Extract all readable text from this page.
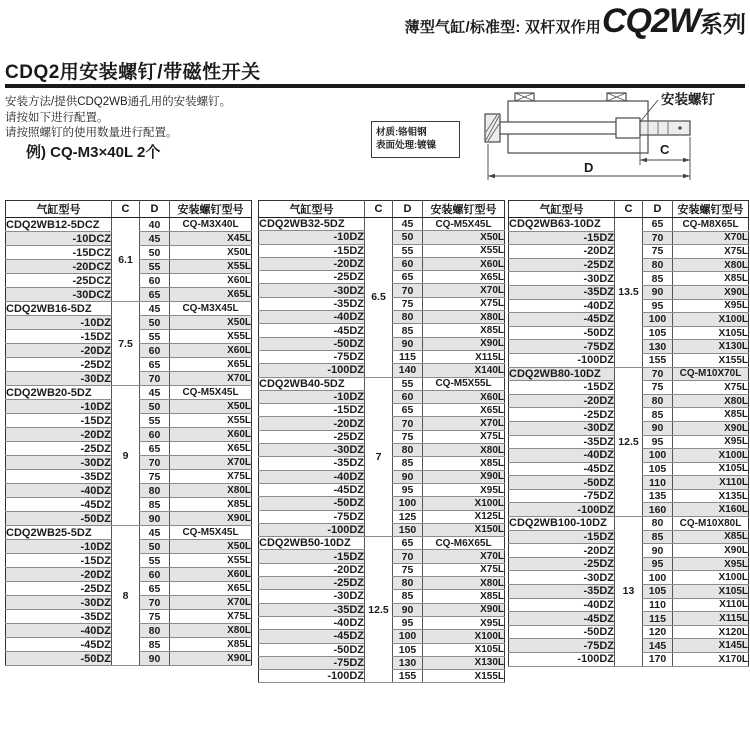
薄型气缸/标准型: 双杆双作用 CQ2W 系列
CDQ2用安装螺钉/带磁性开关
安装方法/提供CDQ2WB通孔用的安装螺钉。
请按如下进行配置。
请按照螺钉的使用数量进行配置。
例) CQ-M3×40L 2个
材质:铬钼钢
表面处理:镀镍
安装螺钉
C
D
气缸型号	C	D	安装螺钉型号
CDQ2WB12-5DCZ	6.1	40	CQ-M3X40L
-10DCZ		45	X45L
-15DCZ		50	X50L
-20DCZ		55	X55L
-25DCZ		60	X60L
-30DCZ		65	X65L
CDQ2WB16-5DZ	7.5	45	CQ-M3X45L
-10DZ		50	X50L
-15DZ		55	X55L
-20DZ		60	X60L
-25DZ		65	X65L
-30DZ		70	X70L
CDQ2WB20-5DZ	9	45	CQ-M5X45L
-10DZ		50	X50L
-15DZ		55	X55L
-20DZ		60	X60L
-25DZ		65	X65L
-30DZ		70	X70L
-35DZ		75	X75L
-40DZ		80	X80L
-45DZ		85	X85L
-50DZ		90	X90L
CDQ2WB25-5DZ	8	45	CQ-M5X45L
-10DZ		50	X50L
-15DZ		55	X55L
-20DZ		60	X60L
-25DZ		65	X65L
-30DZ		70	X70L
-35DZ		75	X75L
-40DZ		80	X80L
-45DZ		85	X85L
-50DZ		90	X90L
气缸型号	C	D	安装螺钉型号
CDQ2WB32-5DZ	6.5	45	CQ-M5X45L
-10DZ		50	X50L
-15DZ		55	X55L
-20DZ		60	X60L
-25DZ		65	X65L
-30DZ		70	X70L
-35DZ		75	X75L
-40DZ		80	X80L
-45DZ		85	X85L
-50DZ		90	X90L
-75DZ		115	X115L
-100DZ		140	X140L
CDQ2WB40-5DZ	7	55	CQ-M5X55L
-10DZ		60	X60L
-15DZ		65	X65L
-20DZ		70	X70L
-25DZ		75	X75L
-30DZ		80	X80L
-35DZ		85	X85L
-40DZ		90	X90L
-45DZ		95	X95L
-50DZ		100	X100L
-75DZ		125	X125L
-100DZ		150	X150L
CDQ2WB50-10DZ	12.5	65	CQ-M6X65L
-15DZ		70	X70L
-20DZ		75	X75L
-25DZ		80	X80L
-30DZ		85	X85L
-35DZ		90	X90L
-40DZ		95	X95L
-45DZ		100	X100L
-50DZ		105	X105L
-75DZ		130	X130L
-100DZ		155	X155L
气缸型号	C	D	安装螺钉型号
CDQ2WB63-10DZ	13.5	65	CQ-M8X65L
-15DZ		70	X70L
-20DZ		75	X75L
-25DZ		80	X80L
-30DZ		85	X85L
-35DZ		90	X90L
-40DZ		95	X95L
-45DZ		100	X100L
-50DZ		105	X105L
-75DZ		130	X130L
-100DZ		155	X155L
CDQ2WB80-10DZ	12.5	70	CQ-M10X70L
-15DZ		75	X75L
-20DZ		80	X80L
-25DZ		85	X85L
-30DZ		90	X90L
-35DZ		95	X95L
-40DZ		100	X100L
-45DZ		105	X105L
-50DZ		110	X110L
-75DZ		135	X135L
-100DZ		160	X160L
CDQ2WB100-10DZ	13	80	CQ-M10X80L
-15DZ		85	X85L
-20DZ		90	X90L
-25DZ		95	X95L
-30DZ		100	X100L
-35DZ		105	X105L
-40DZ		110	X110L
-45DZ		115	X115L
-50DZ		120	X120L
-75DZ		145	X145L
-100DZ		170	X170L
